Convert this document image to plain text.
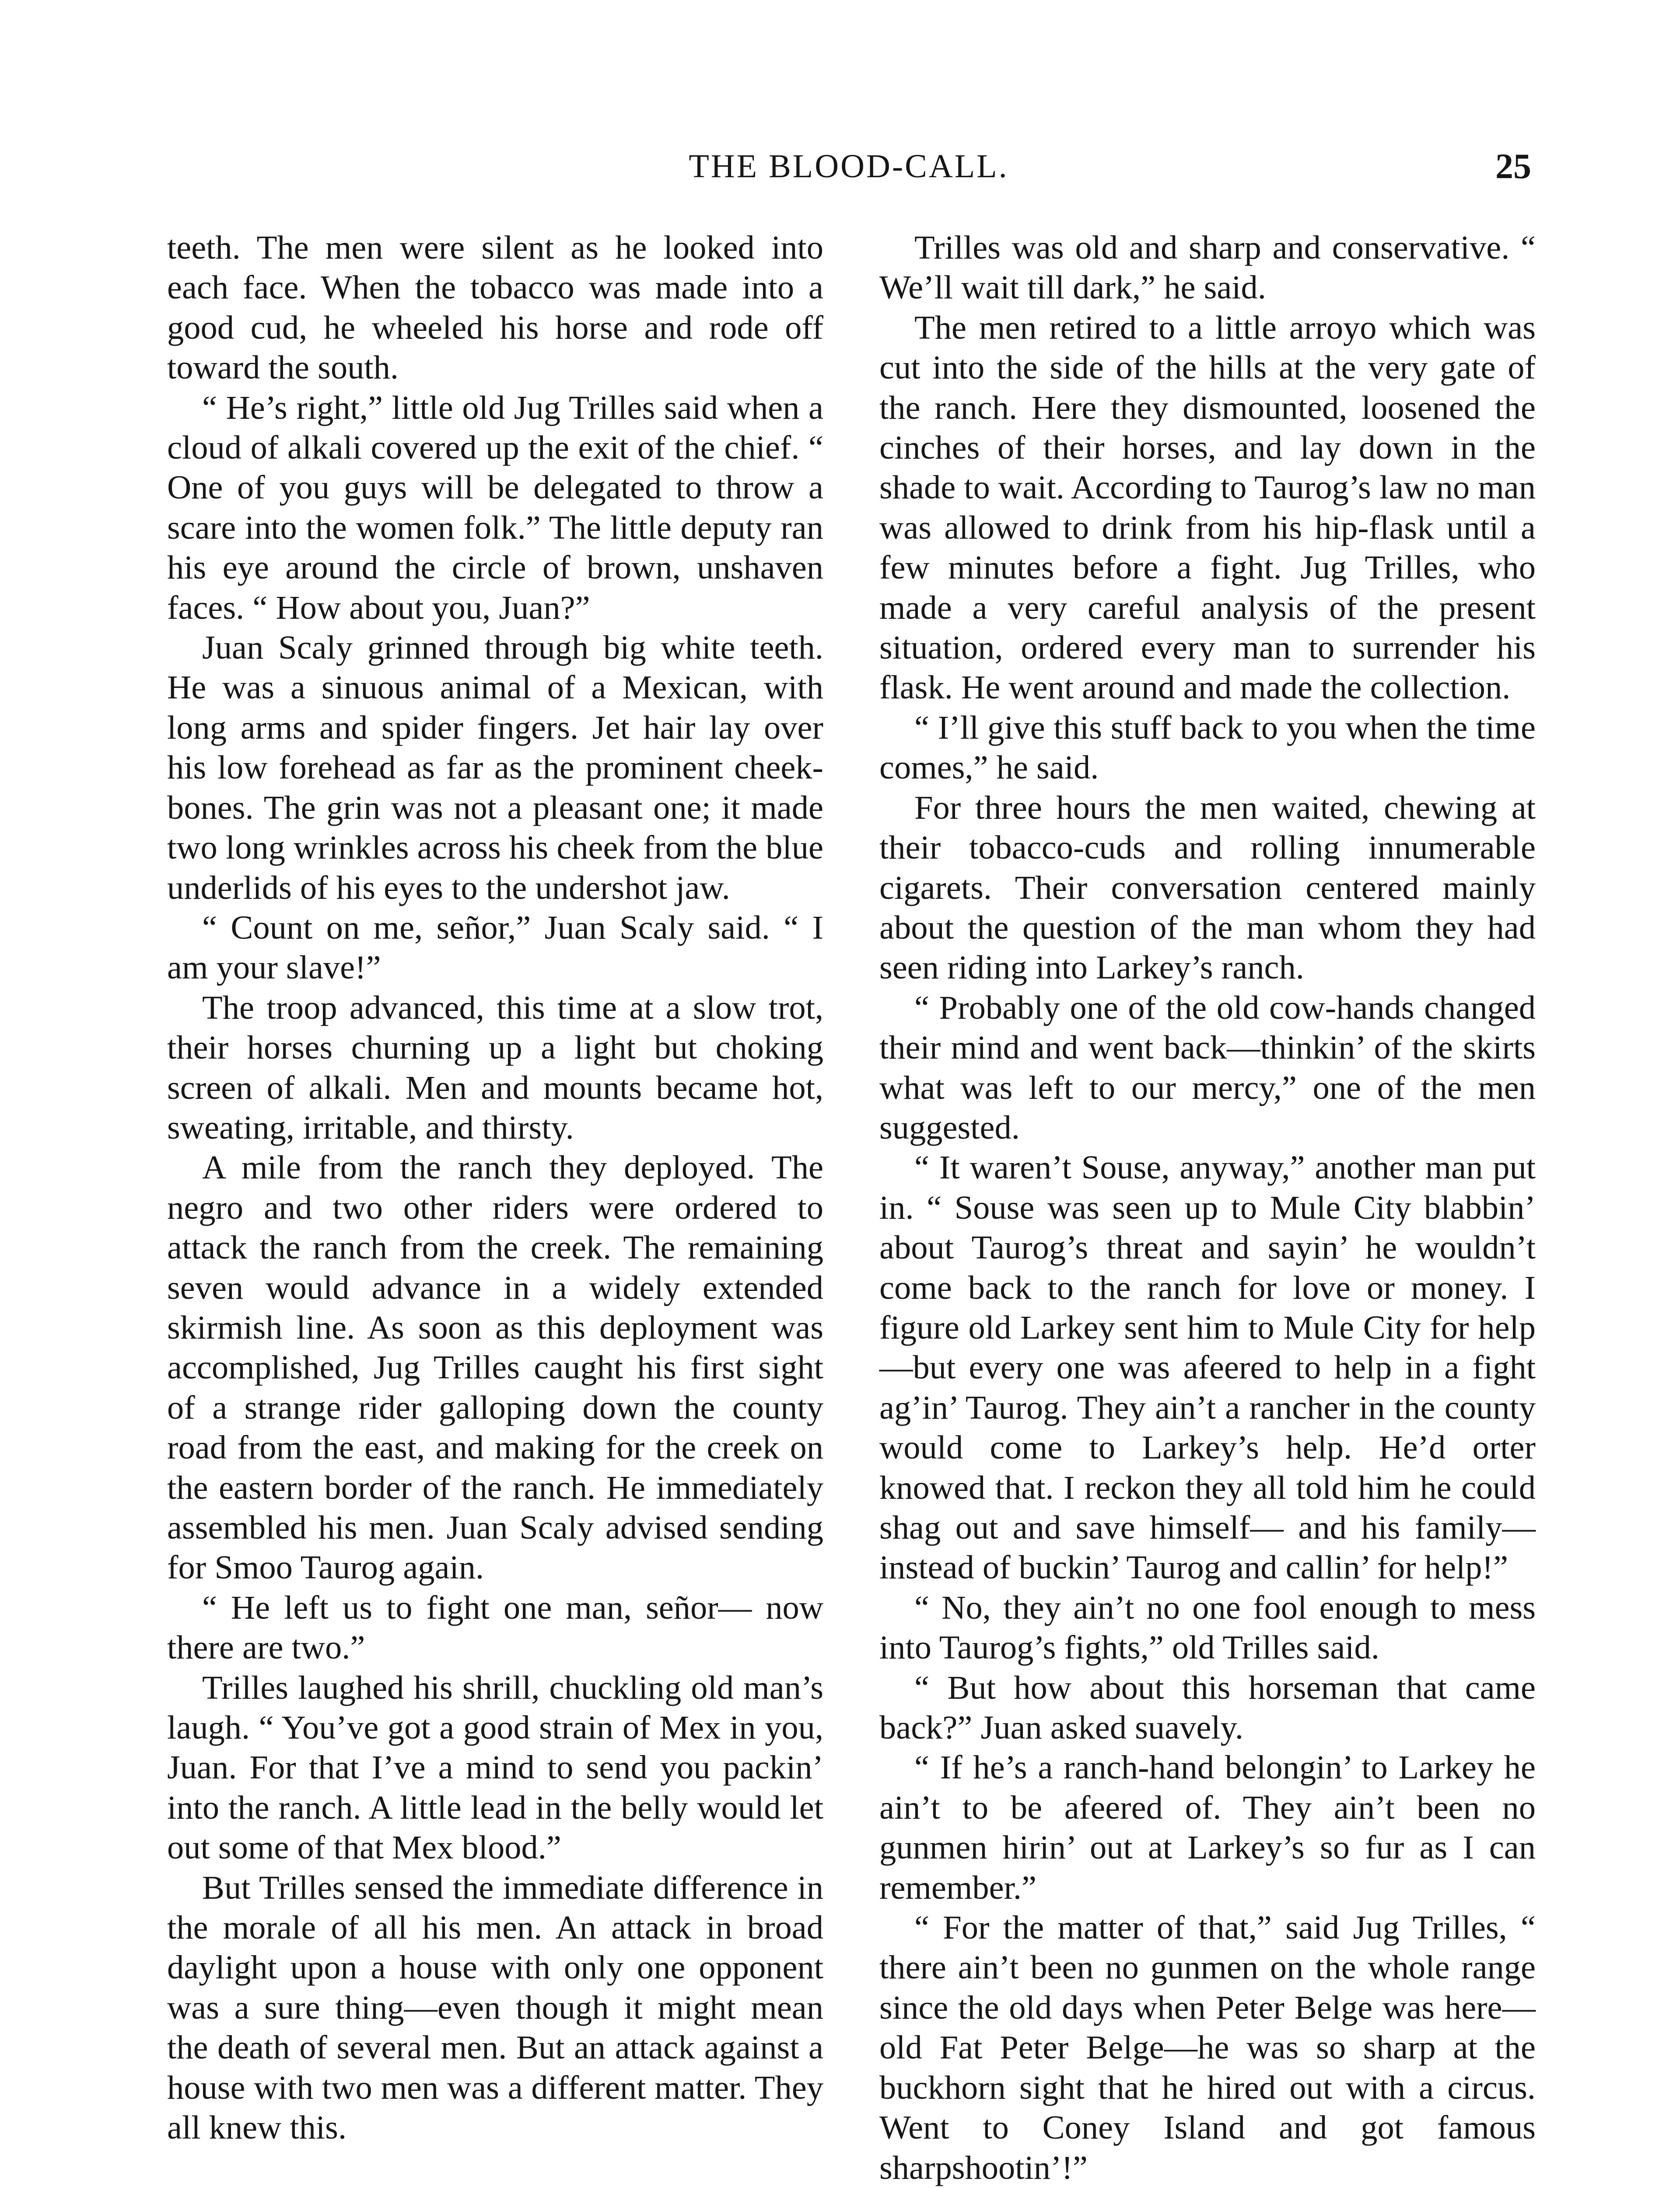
THE BLOOD-CALL.	25

teeth. The men were silent as he looked into each face. When the tobacco was made into a good cud, he wheeled his horse and rode off toward the south.

“ He’s right,” little old Jug Trilles said when a cloud of alkali covered up the exit of the chief. “ One of you guys will be delegated to throw a scare into the women folk.” The little deputy ran his eye around the circle of brown, unshaven faces. “ How about you, Juan?”

Juan Scaly grinned through big white teeth. He was a sinuous animal of a Mexican, with long arms and spider fingers. Jet hair lay over his low forehead as far as the prominent cheek-bones. The grin was not a pleasant one; it made two long wrinkles across his cheek from the blue underlids of his eyes to the undershot jaw.

“ Count on me, señor,” Juan Scaly said. “ I am your slave!”

The troop advanced, this time at a slow trot, their horses churning up a light but choking screen of alkali. Men and mounts became hot, sweating, irritable, and thirsty.

A mile from the ranch they deployed. The negro and two other riders were ordered to attack the ranch from the creek. The remaining seven would advance in a widely extended skirmish line. As soon as this deployment was accomplished, Jug Trilles caught his first sight of a strange rider galloping down the county road from the east, and making for the creek on the eastern border of the ranch. He immediately assembled his men. Juan Scaly advised sending for Smoo Taurog again.

“ He left us to fight one man, señor— now there are two.”

Trilles laughed his shrill, chuckling old man’s laugh. “ You’ve got a good strain of Mex in you, Juan. For that I’ve a mind to send you packin’ into the ranch. A little lead in the belly would let out some of that Mex blood.”

But Trilles sensed the immediate difference in the morale of all his men. An attack in broad daylight upon a house with only one opponent was a sure thing—even though it might mean the death of several men. But an attack against a house with two men was a different matter. They all knew this.

Trilles was old and sharp and conservative. “ We’ll wait till dark,” he said.

The men retired to a little arroyo which was cut into the side of the hills at the very gate of the ranch. Here they dismounted, loosened the cinches of their horses, and lay down in the shade to wait. According to Taurog’s law no man was allowed to drink from his hip-flask until a few minutes before a fight. Jug Trilles, who made a very careful analysis of the present situation, ordered every man to surrender his flask. He went around and made the collection.

“ I’ll give this stuff back to you when the time comes,” he said.

For three hours the men waited, chewing at their tobacco-cuds and rolling innumerable cigarets. Their conversation centered mainly about the question of the man whom they had seen riding into Larkey’s ranch.

“ Probably one of the old cow-hands changed their mind and went back—thinkin’ of the skirts what was left to our mercy,” one of the men suggested.

“ It waren’t Souse, anyway,” another man put in. “ Souse was seen up to Mule City blabbin’ about Taurog’s threat and sayin’ he wouldn’t come back to the ranch for love or money. I figure old Larkey sent him to Mule City for help—but every one was afeered to help in a fight ag’in’ Taurog. They ain’t a rancher in the county would come to Larkey’s help. He’d orter knowed that. I reckon they all told him he could shag out and save himself— and his family—instead of buckin’ Taurog and callin’ for help!”

“ No, they ain’t no one fool enough to mess into Taurog’s fights,” old Trilles said.

“ But how about this horseman that came back?” Juan asked suavely.

“ If he’s a ranch-hand belongin’ to Larkey he ain’t to be afeered of. They ain’t been no gunmen hirin’ out at Larkey’s so fur as I can remember.”

“ For the matter of that,” said Jug Trilles, “ there ain’t been no gunmen on the whole range since the old days when Peter Belge was here—old Fat Peter Belge—he was so sharp at the buckhorn sight that he hired out with a circus. Went to Coney Island and got famous sharpshootin’!”
